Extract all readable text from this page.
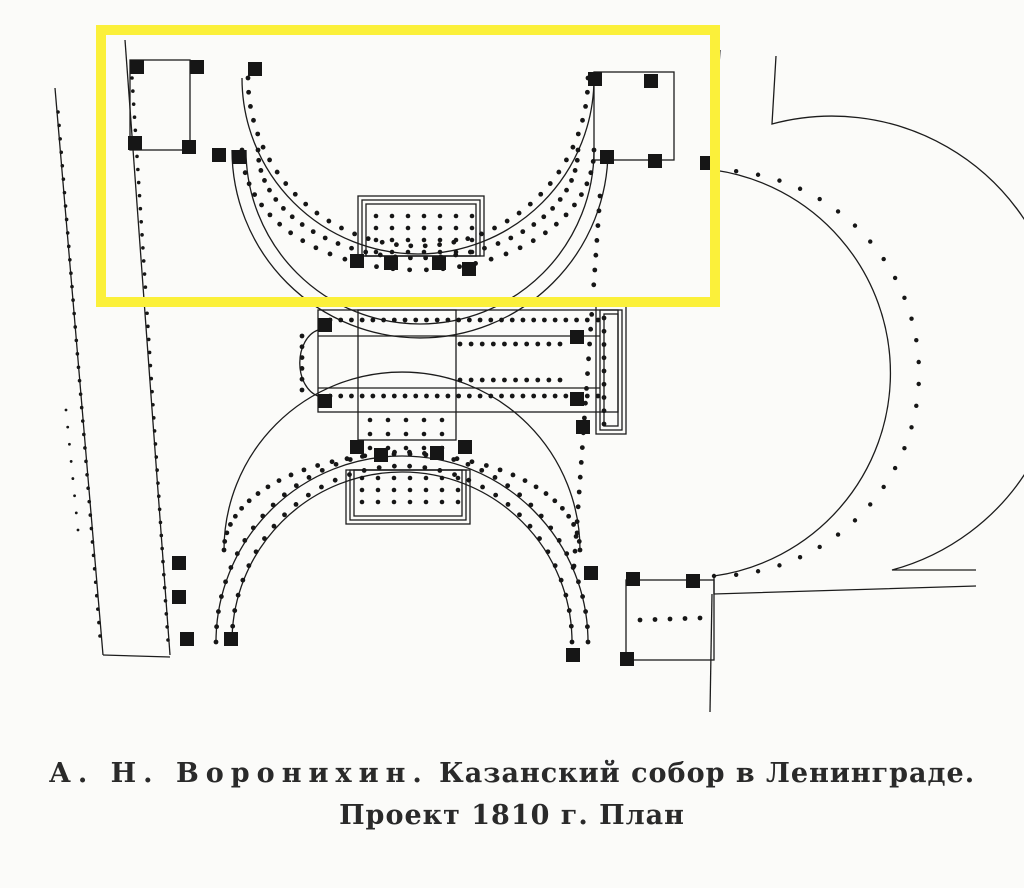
А. Н. Воронихин. Казанский собор в Ленинграде.
Проект 1810 г. План
